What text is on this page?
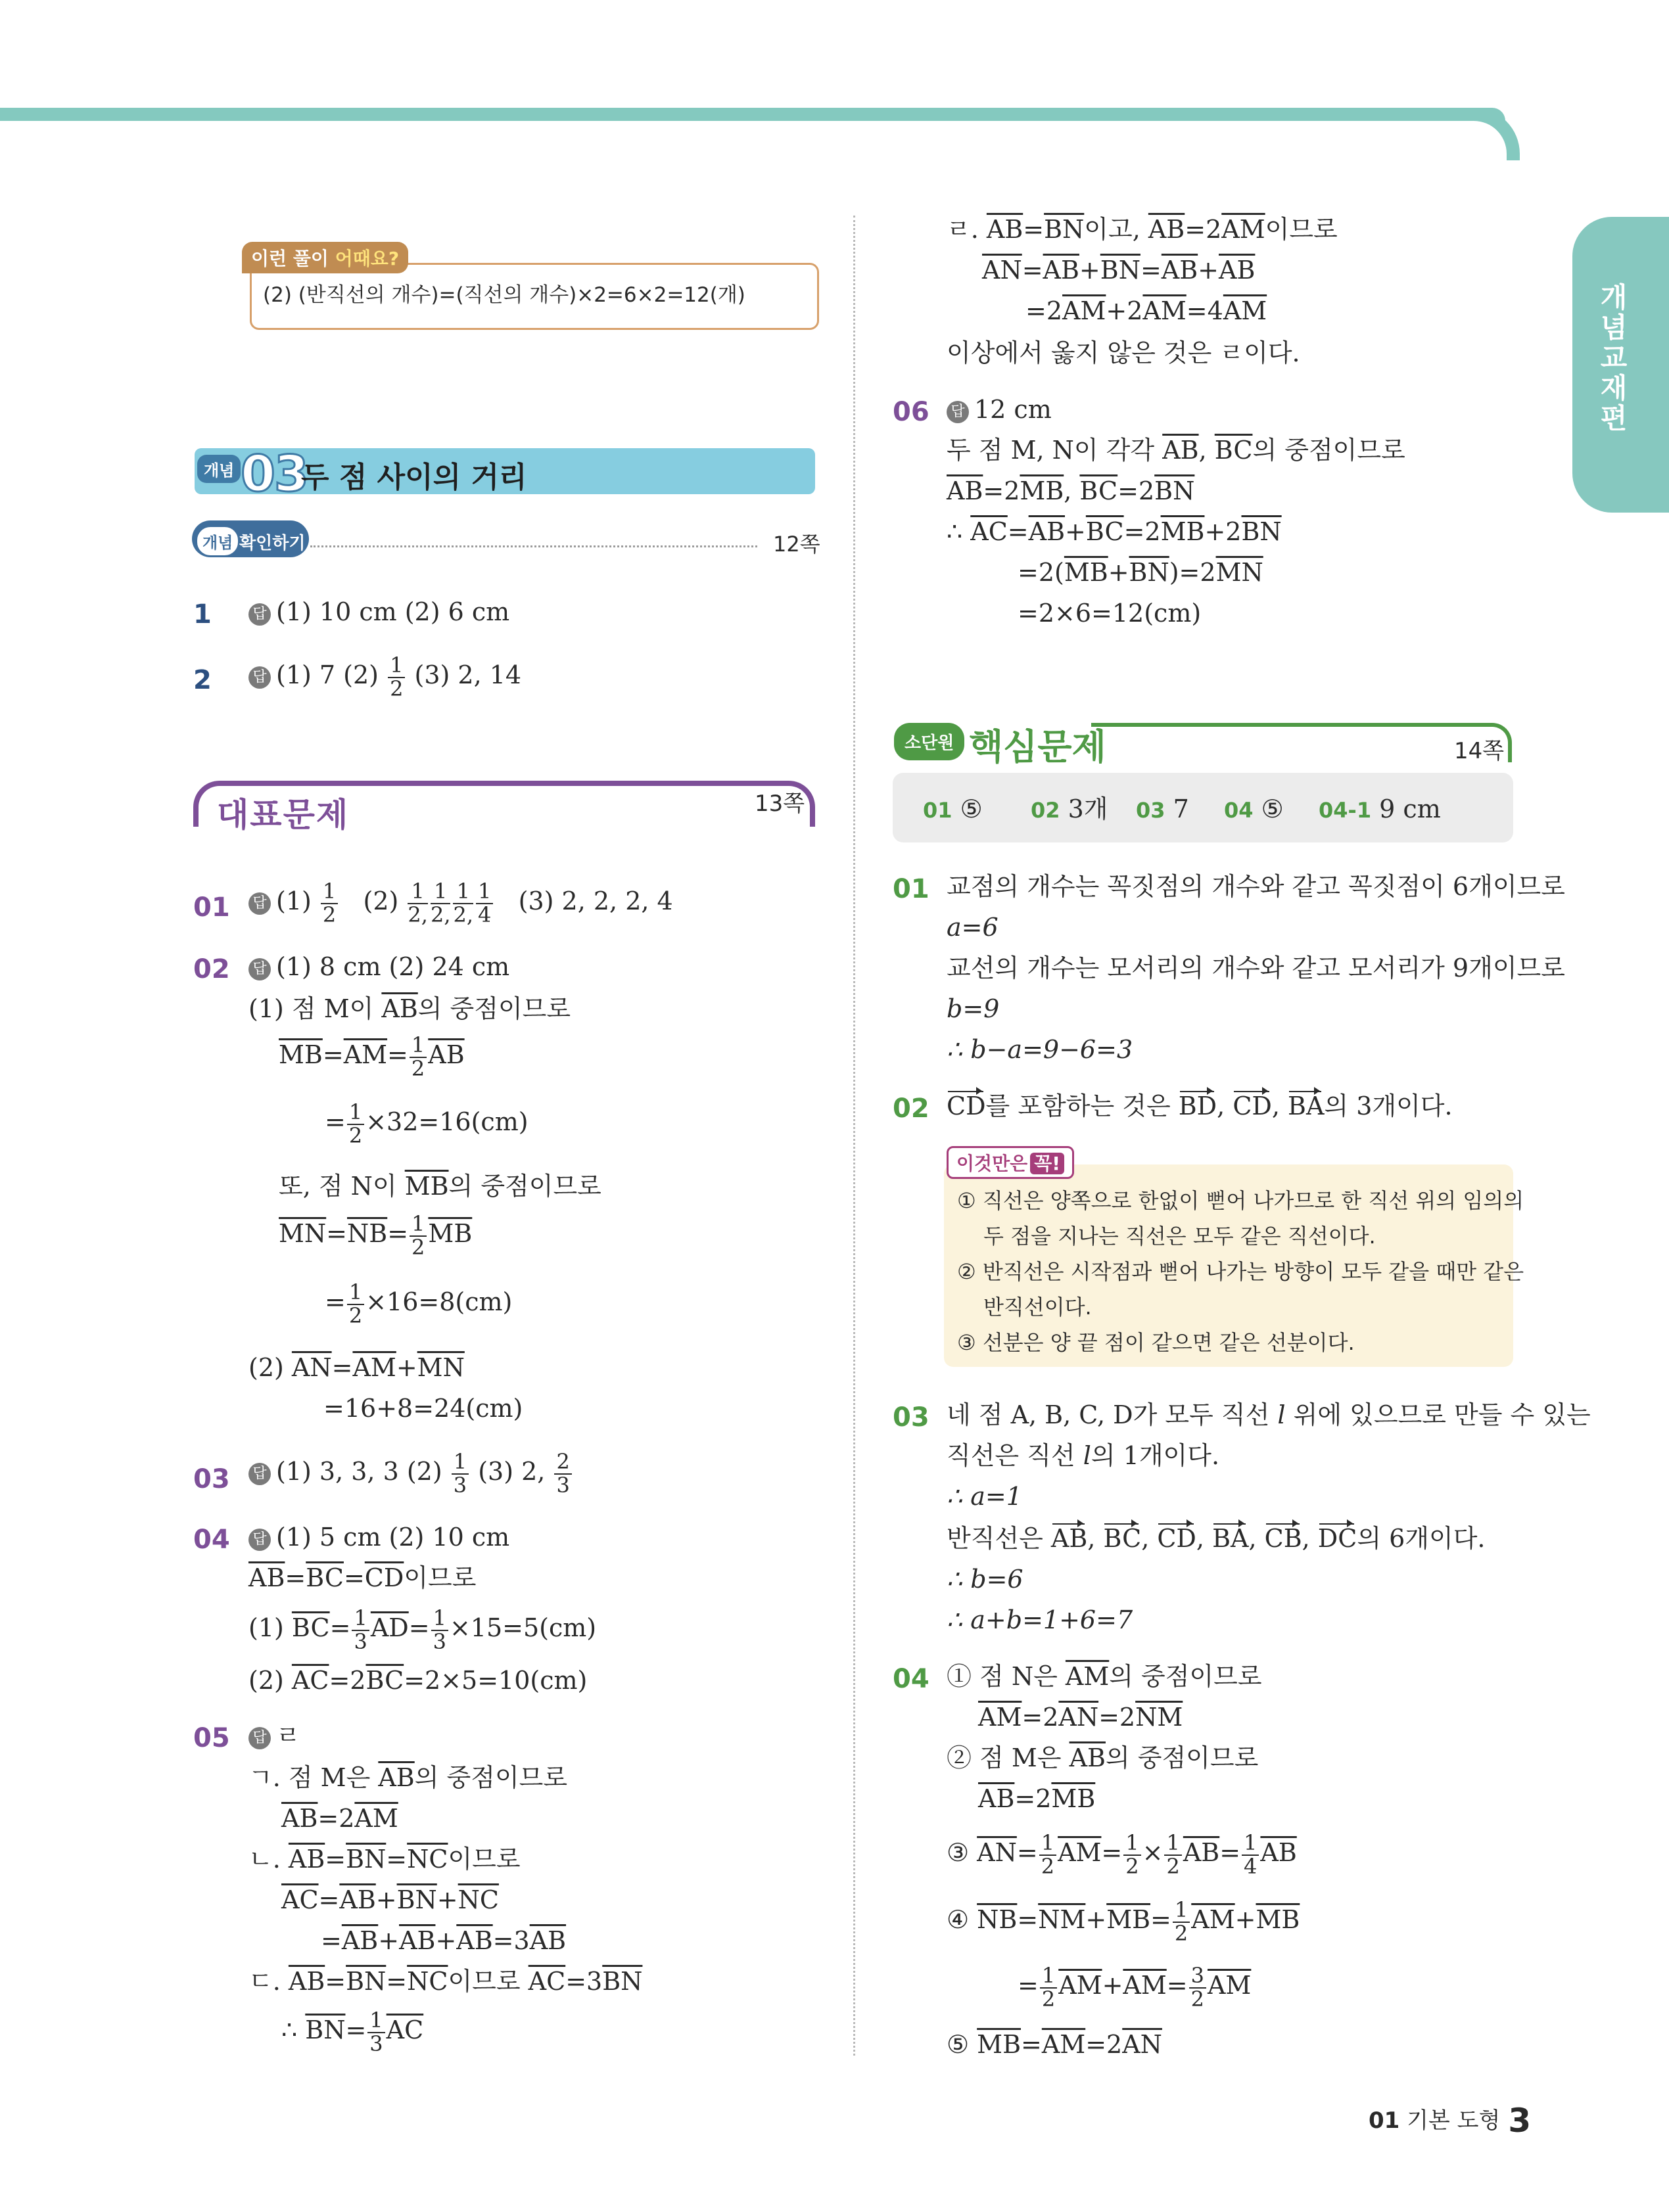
개념교재편
이런 풀이 어때요?
(2) (반직선의 개수)=(직선의 개수)×2=6×2=12(개)
개념 03
두 점 사이의 거리
개념 확인하기	12쪽
1	답 (1) 10 cm (2) 6 cm
2	답 (1) 7 $(2) \frac{1}{2} (3)$ 2, 14
대표문제	13쪽
01 답 $(1) \frac{1}{2} (2) \frac{1}{2,} \frac{1}{2,} \frac{1}{2,} \frac{1}{4} (3)$ 2, 2, 2, 4
02 답 (1) 8 cm (2) 24 cm
(1) 점 M이 $\overline{AB}$의 중점이므로
$\overline{MB}=\overline{AM}= \frac{1}{2} \overline{AB}$
= $\frac{1}{2} \times 32=16(cm)$
또, 점 N이 $\overline{MB}$의 중점이므로
$\overline{MN}=\overline{NB}= \frac{1}{2} \overline{MB}$
= $\frac{1}{2} \times 16=8(cm)$
(2) $\overline{AN}=\overline{AM}+\overline{MN}$
=16+8=24(cm)
03 답 (1) 3, 3, 3 $(2) \frac{1}{3} (3)$ 2, $\frac{2}{3}$
04 답 (1) 5 cm (2) 10 cm
$\overline{AB}=\overline{BC}=\overline{CD}$이므로
(1) $\overline{BC}= \frac{1}{3} \overline{AD}= \frac{1}{3} \times 15=5(cm)$
(2) $\overline{AC}=2\overline{BC}=2\times 5=10(cm)$
05 답 ㄹ
ㄱ. 점 M은 $\overline{AB}$의 중점이므로
$\overline{AB}=2\overline{AM}$
ㄴ. $\overline{AB}=\overline{BN}=\overline{NC}$이므로
$\overline{AC}=\overline{AB}+\overline{BN}+\overline{NC}$
$=\overline{AB}+\overline{AB}+\overline{AB}=3\overline{AB}$
ㄷ. $\overline{AB}=\overline{BN}=\overline{NC}$이므로 $\overline{AC}=3\overline{BN}$
∴ $\overline{BN}= \frac{1}{3} \overline{AC}$
ㄹ. $\overline{AB}=\overline{BN}$이고, $\overline{AB}=2\overline{AM}$이므로
$\overline{AN}=\overline{AB}+\overline{BN}=\overline{AB}+\overline{AB}$
$=2\overline{AM}+2\overline{AM}=4\overline{AM}$
이상에서 옳지 않은 것은 ㄹ이다.
06 답 12 cm
두 점 M, N이 각각 $\overline{AB}$, $\overline{BC}$의 중점이므로
$\overline{AB}=2\overline{MB}$, $\overline{BC}=2\overline{BN}$
∴ $\overline{AC}=\overline{AB}+\overline{BC}=2\overline{MB}+2\overline{BN}$
$=2(\overline{MB}+\overline{BN})=2\overline{MN}$
=2×6=12(cm)
소단원 핵심문제	14쪽
01 ⑤ 02 3개 03 7 04 ⑤ 04-1 9 cm
01 교점의 개수는 꼭짓점의 개수와 같고 꼭짓점이 6개이므로
a=6
교선의 개수는 모서리의 개수와 같고 모서리가 9개이므로
b=9
∴ b−a=9−6=3
02 CD를 포함하는 것은 BD, CD, BA의 3개이다.
이것만은 꼭!
① 직선은 양쪽으로 한없이 뻗어 나가므로 한 직선 위의 임의의
두 점을 지나는 직선은 모두 같은 직선이다.
② 반직선은 시작점과 뻗어 나가는 방향이 모두 같을 때만 같은
반직선이다.
③ 선분은 양 끝 점이 같으면 같은 선분이다.
03 네 점 A, B, C, D가 모두 직선 l 위에 있으므로 만들 수 있는
직선은 직선 l의 1개이다.
∴ a=1
반직선은 AB, BC, CD, BA, CB, DC의 6개이다.
∴ b=6
∴ a+b=1+6=7
04 ① 점 N은 $\overline{AM}$의 중점이므로
$\overline{AM}=2\overline{AN}=2\overline{NM}$
② 점 M은 $\overline{AB}$의 중점이므로
$\overline{AB}=2\overline{MB}$
③ $\overline{AN}= \frac{1}{2} \overline{AM}= \frac{1}{2} \times \frac{1}{2} \overline{AB}= \frac{1}{4} \overline{AB}$
④ $\overline{NB}=\overline{NM}+\overline{MB}= \frac{1}{2} \overline{AM}+\overline{MB}$
= $\frac{1}{2} \overline{AM}+\overline{AM}= \frac{3}{2} \overline{AM}$
⑤ $\overline{MB}=\overline{AM}=2\overline{AN}$
01 기본 도형 3
